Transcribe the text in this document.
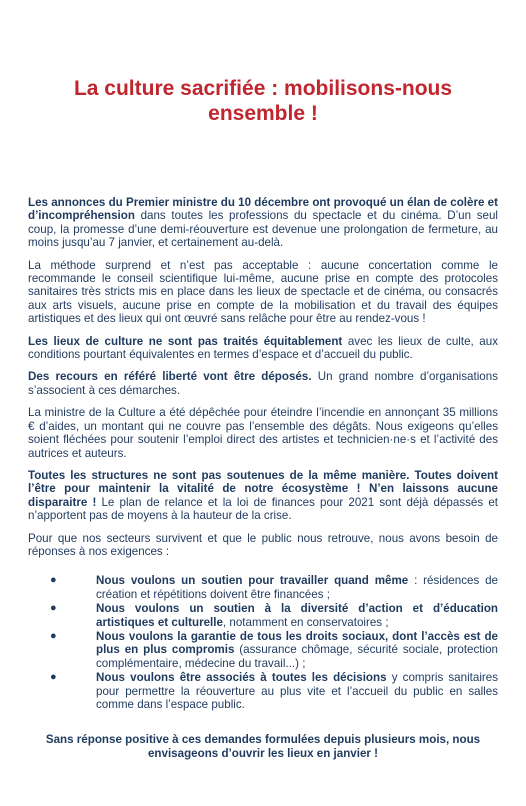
La culture sacrifiée : mobilisons-nous
ensemble !

Les annonces du Premier ministre du 10 décembre ont provoqué un élan de colère et d’incompréhension dans toutes les professions du spectacle et du cinéma. D’un seul coup, la promesse d’une demi-réouverture est devenue une prolongation de fermeture, au moins jusqu’au 7 janvier, et certainement au-delà.

La méthode surprend et n’est pas acceptable : aucune concertation comme le recommande le conseil scientifique lui-même, aucune prise en compte des protocoles sanitaires très stricts mis en place dans les lieux de spectacle et de cinéma, ou consacrés aux arts visuels, aucune prise en compte de la mobilisation et du travail des équipes artistiques et des lieux qui ont œuvré sans relâche pour être au rendez-vous !

Les lieux de culture ne sont pas traités équitablement avec les lieux de culte, aux conditions pourtant équivalentes en termes d’espace et d’accueil du public.

Des recours en référé liberté vont être déposés. Un grand nombre d’organisations s’associent à ces démarches.

La ministre de la Culture a été dépêchée pour éteindre l’incendie en annonçant 35 millions € d’aides, un montant qui ne couvre pas l’ensemble des dégâts. Nous exigeons qu’elles soient fléchées pour soutenir l’emploi direct des artistes et technicien·ne·s et l’activité des autrices et auteurs.

Toutes les structures ne sont pas soutenues de la même manière. Toutes doivent l’être pour maintenir la vitalité de notre écosystème ! N’en laissons aucune disparaitre ! Le plan de relance et la loi de finances pour 2021 sont déjà dépassés et n’apportent pas de moyens à la hauteur de la crise.

Pour que nos secteurs survivent et que le public nous retrouve, nous avons besoin de réponses à nos exigences :

●	Nous voulons un soutien pour travailler quand même : résidences de création et répétitions doivent être financées ;
●	Nous voulons un soutien à la diversité d’action et d’éducation artistiques et culturelle, notamment en conservatoires ;
●	Nous voulons la garantie de tous les droits sociaux, dont l’accès est de plus en plus compromis (assurance chômage, sécurité sociale, protection complémentaire, médecine du travail...) ;
●	Nous voulons être associés à toutes les décisions y compris sanitaires pour permettre la réouverture au plus vite et l’accueil du public en salles comme dans l’espace public.

Sans réponse positive à ces demandes formulées depuis plusieurs mois, nous
envisageons d’ouvrir les lieux en janvier !
